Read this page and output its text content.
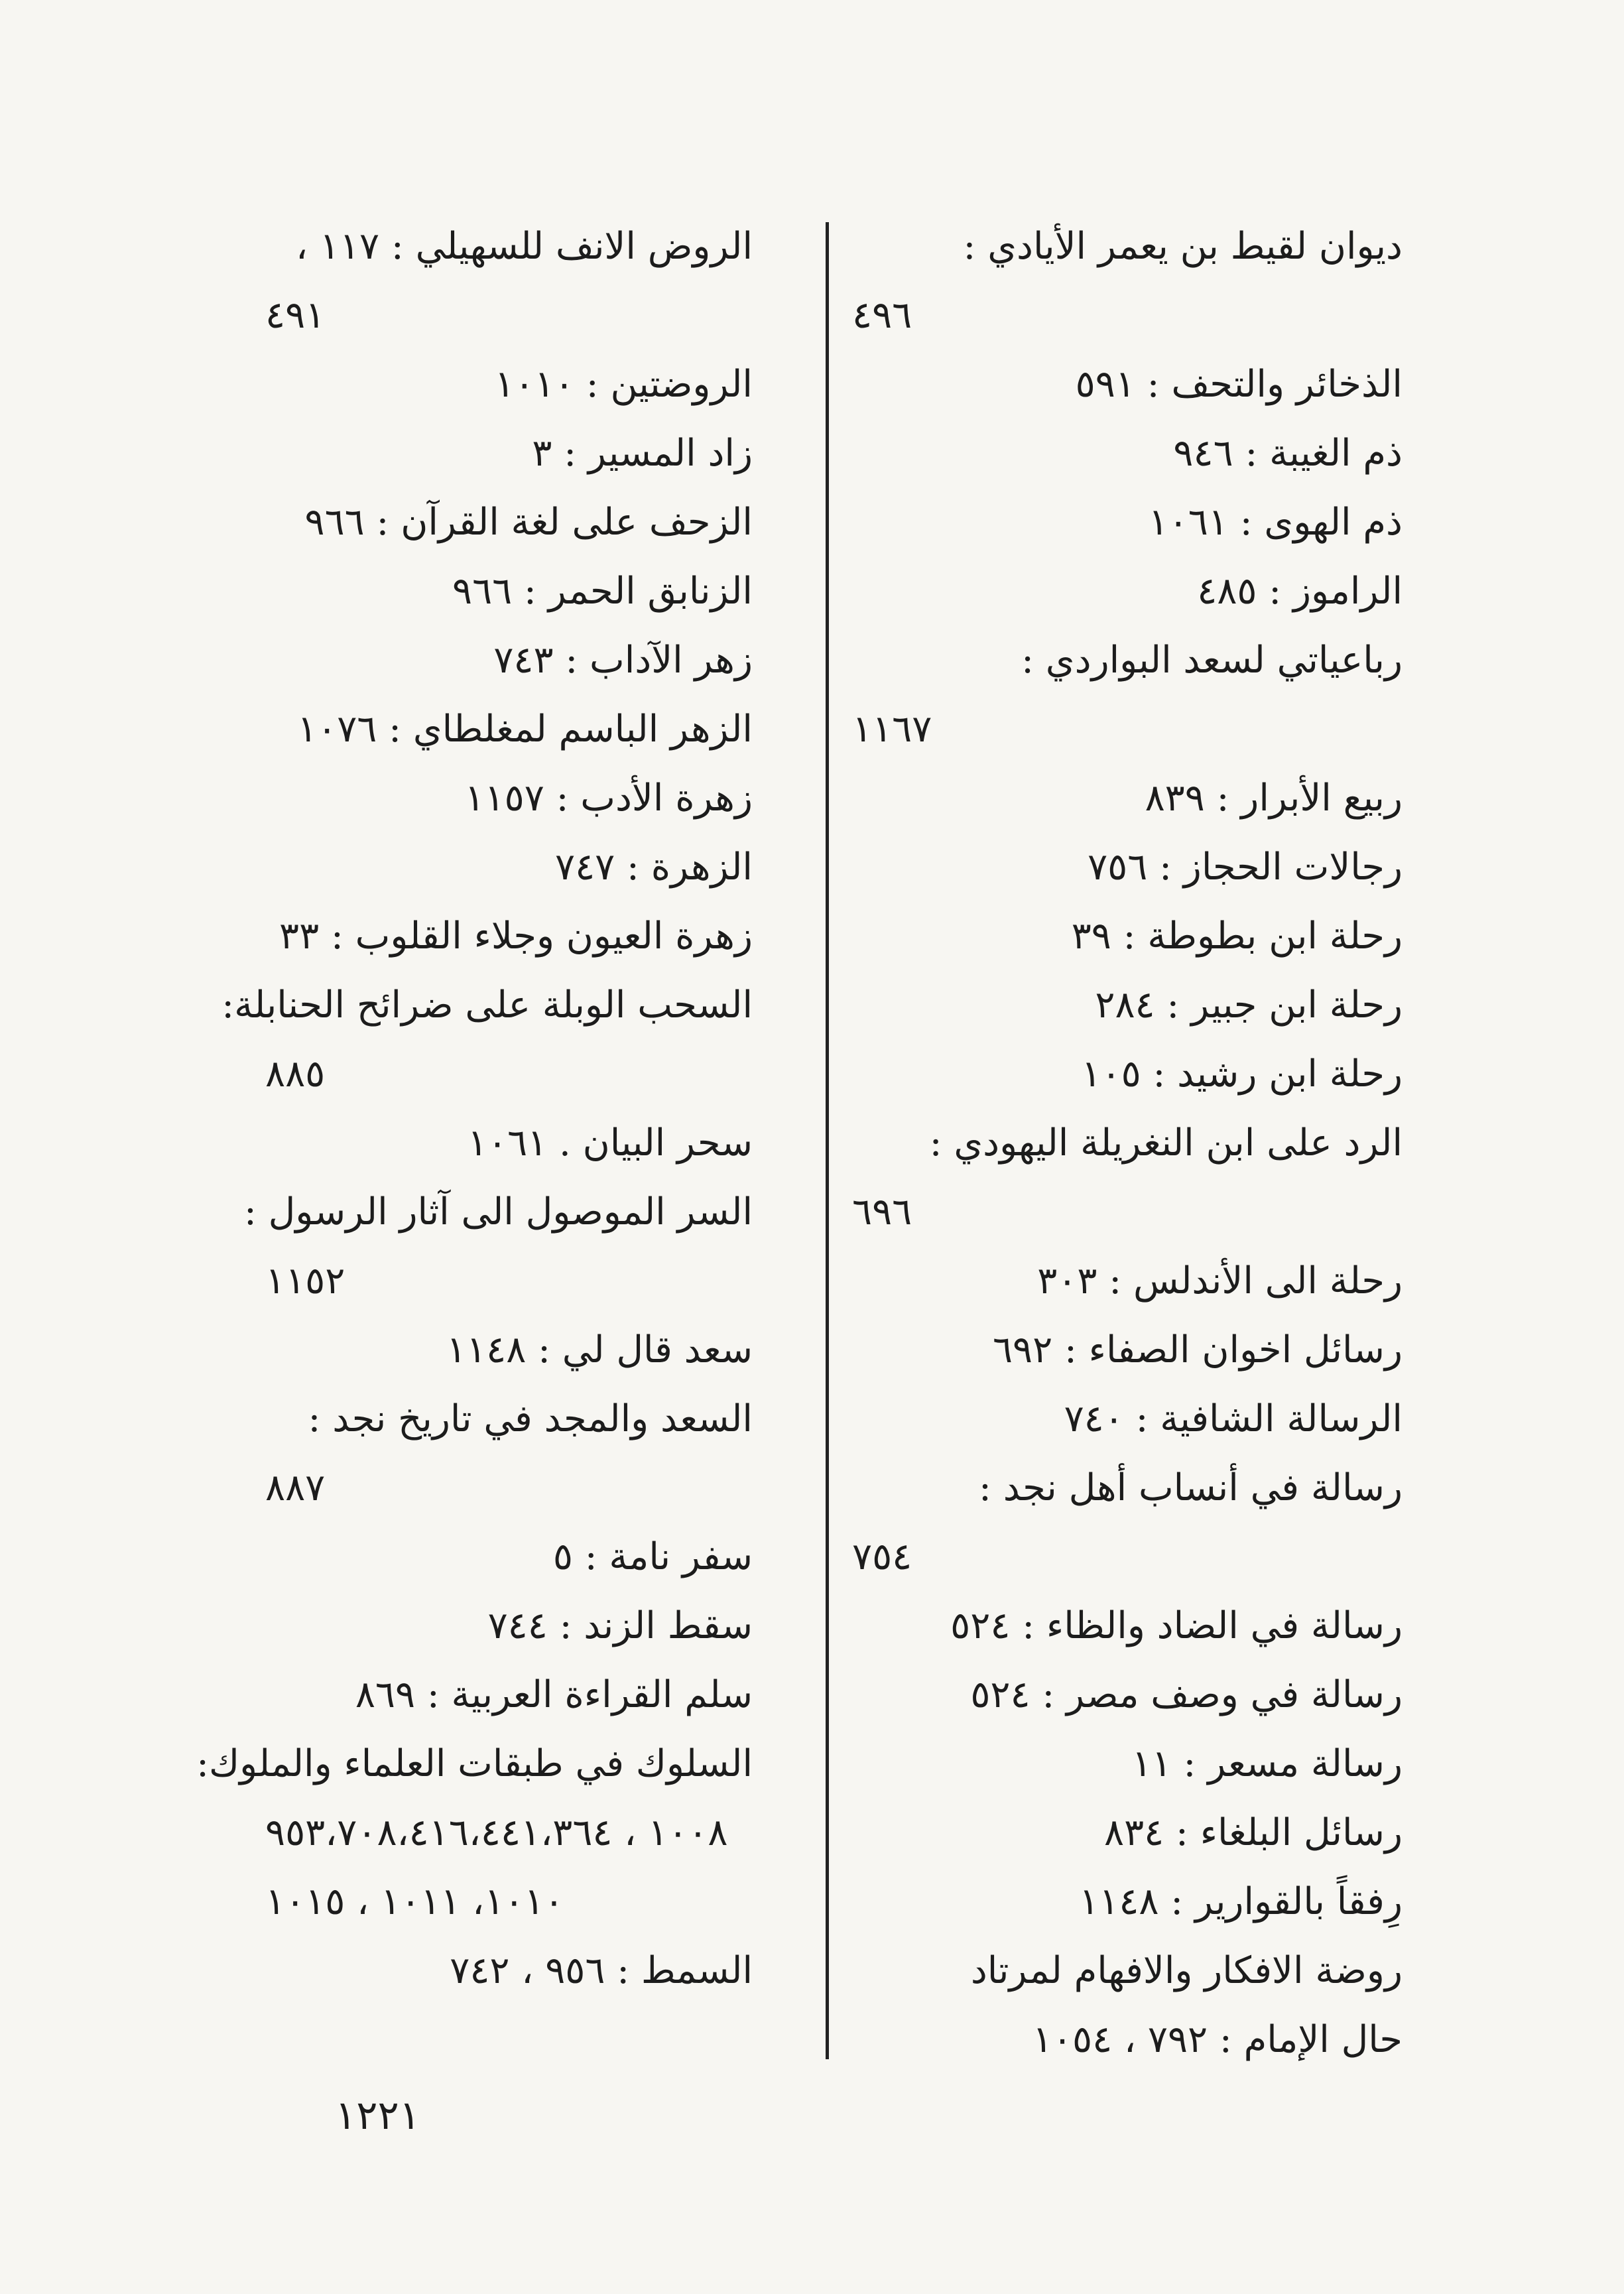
ديوان لقيط بن يعمر الأيادي :
٤٩٦
الذخائر والتحف : ٥٩١
ذم الغيبة : ٩٤٦
ذم الهوى : ١٠٦١
الراموز : ٤٨٥
رباعياتي لسعد البواردي :
١١٦٧
ربيع الأبرار : ٨٣٩
رجالات الحجاز : ٧٥٦
رحلة ابن بطوطة : ٣٩
رحلة ابن جبير : ٢٨٤
رحلة ابن رشيد : ١٠٥
الرد على ابن النغريلة اليهودي :
٦٩٦
رحلة الى الأندلس : ٣٠٣
رسائل اخوان الصفاء : ٦٩٢
الرسالة الشافية : ٧٤٠
رسالة في أنساب أهل نجد :
٧٥٤
رسالة في الضاد والظاء : ٥٢٤
رسالة في وصف مصر : ٥٢٤
رسالة مسعر : ١١
رسائل البلغاء : ٨٣٤
رِفقاً بالقوارير : ١١٤٨
روضة الافكار والافهام لمرتاد
حال الإمام : ٧٩٢ ، ١٠٥٤
الروض الانف للسهيلي : ١١٧ ،
٤٩١
الروضتين : ١٠١٠
زاد المسير : ٣
الزحف على لغة القرآن : ٩٦٦
الزنابق الحمر : ٩٦٦
زهر الآداب : ٧٤٣
الزهر الباسم لمغلطاي : ١٠٧٦
زهرة الأدب : ١١٥٧
الزهرة : ٧٤٧
زهرة العيون وجلاء القلوب : ٣٣
السحب الوبلة على ضرائح الحنابلة:
٨٨٥
سحر البيان . ١٠٦١
السر الموصول الى آثار الرسول :
١١٥٢
سعد قال لي : ١١٤٨
السعد والمجد في تاريخ نجد :
٨٨٧
سفر نامة : ٥
سقط الزند : ٧٤٤
سلم القراءة العربية : ٨٦٩
السلوك في طبقات العلماء والملوك:
١٠٠٨ ، ٩٥٣،٧٠٨،٤١٦،٤٤١،٣٦٤
١٠١٠، ١٠١١ ، ١٠١٥
السمط : ٩٥٦ ، ٧٤٢
١٢٢١
